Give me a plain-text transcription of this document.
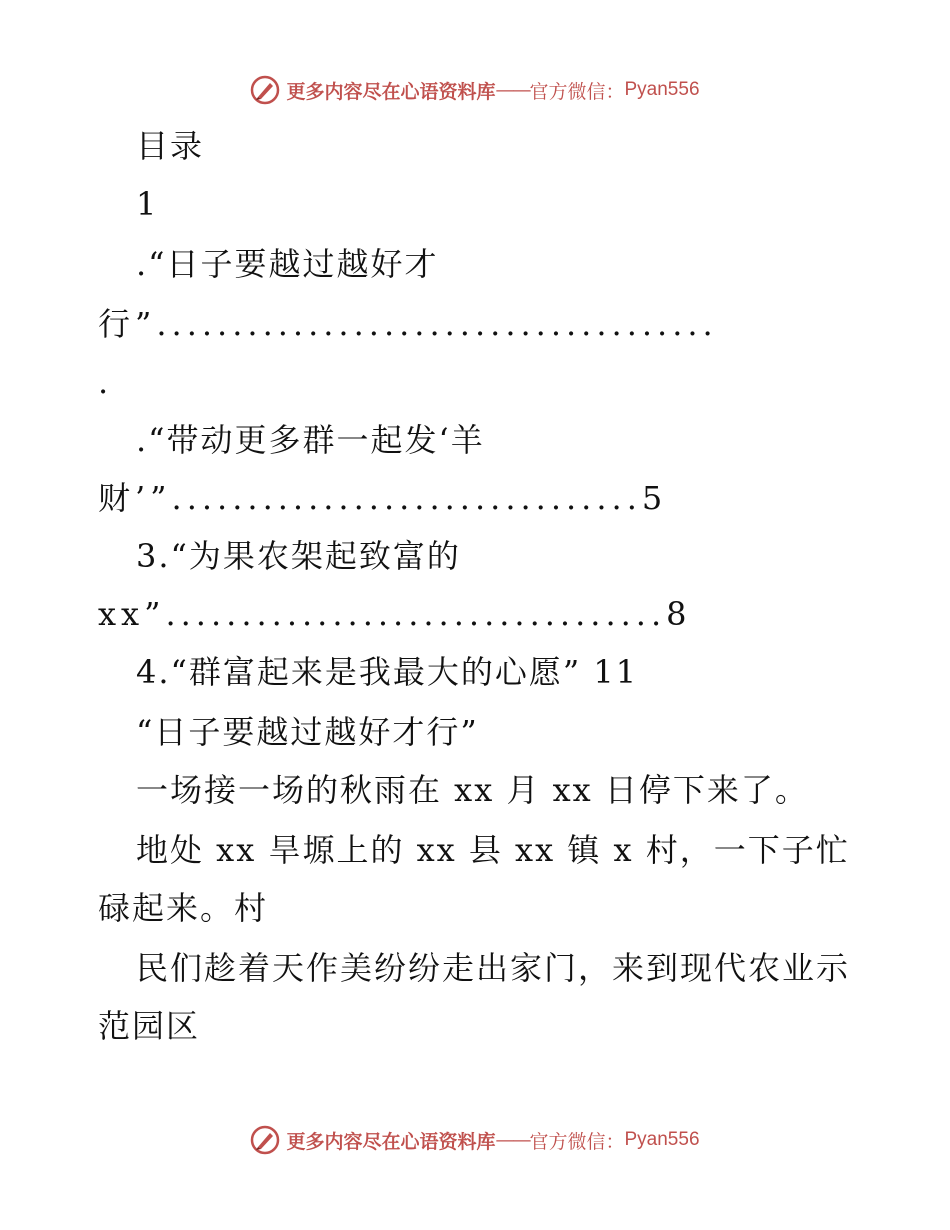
更多内容尽在心语资料库 —— 官方微信： Pyan556
目录
1
.“日子要越过越好才
行”.....................................
.
.“带动更多群一起发‘羊
财’”...............................5
3.“为果农架起致富的
xx”.................................8
4.“群富起来是我最大的心愿” 11
“日子要越过越好才行”
一场接一场的秋雨在 xx 月 xx 日停下来了。
地处 xx 旱塬上的 xx 县 xx 镇 x 村，一下子忙
碌起来。村
民们趁着天作美纷纷走出家门，来到现代农业示
范园区
更多内容尽在心语资料库 —— 官方微信： Pyan556
